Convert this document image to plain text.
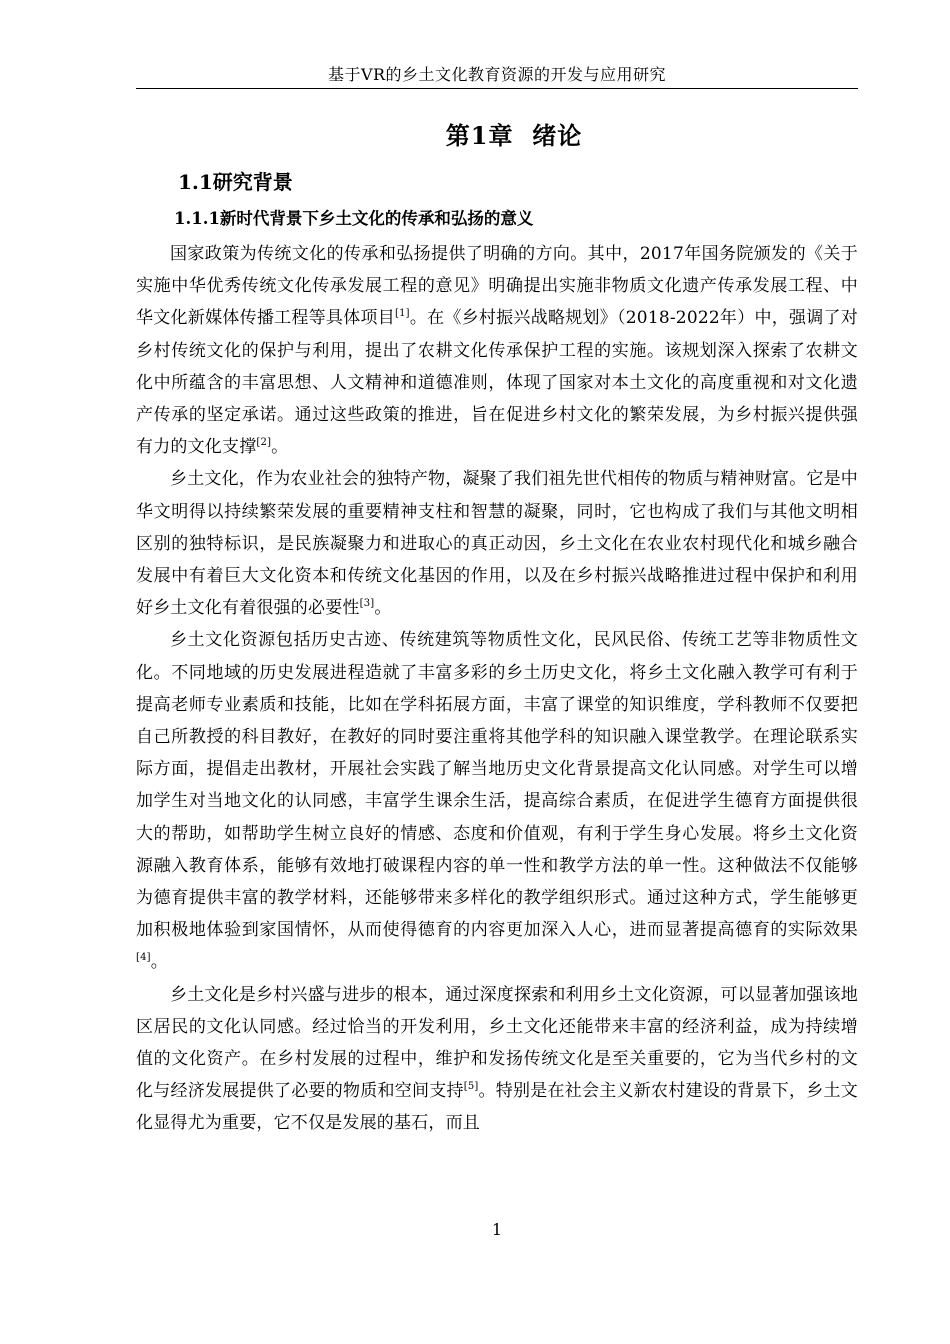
基于VR的乡土文化教育资源的开发与应用研究
第1章  绪论
1.1研究背景
1.1.1新时代背景下乡土文化的传承和弘扬的意义

国家政策为传统文化的传承和弘扬提供了明确的方向。其中，2017年国务院颁发的《关于实施中华优秀传统文化传承发展工程的意见》明确提出实施非物质文化遗产传承发展工程、中华文化新媒体传播工程等具体项目[1]。在《乡村振兴战略规划》（2018-2022年）中，强调了对乡村传统文化的保护与利用，提出了农耕文化传承保护工程的实施。该规划深入探索了农耕文化中所蕴含的丰富思想、人文精神和道德准则，体现了国家对本土文化的高度重视和对文化遗产传承的坚定承诺。通过这些政策的推进，旨在促进乡村文化的繁荣发展，为乡村振兴提供强有力的文化支撑[2]。

乡土文化，作为农业社会的独特产物，凝聚了我们祖先世代相传的物质与精神财富。它是中华文明得以持续繁荣发展的重要精神支柱和智慧的凝聚，同时，它也构成了我们与其他文明相区别的独特标识，是民族凝聚力和进取心的真正动因，乡土文化在农业农村现代化和城乡融合发展中有着巨大文化资本和传统文化基因的作用，以及在乡村振兴战略推进过程中保护和利用好乡土文化有着很强的必要性[3]。

乡土文化资源包括历史古迹、传统建筑等物质性文化，民风民俗、传统工艺等非物质性文化。不同地域的历史发展进程造就了丰富多彩的乡土历史文化，将乡土文化融入教学可有利于提高老师专业素质和技能，比如在学科拓展方面，丰富了课堂的知识维度，学科教师不仅要把自己所教授的科目教好，在教好的同时要注重将其他学科的知识融入课堂教学。在理论联系实际方面，提倡走出教材，开展社会实践了解当地历史文化背景提高文化认同感。对学生可以增加学生对当地文化的认同感，丰富学生课余生活，提高综合素质，在促进学生德育方面提供很大的帮助，如帮助学生树立良好的情感、态度和价值观，有利于学生身心发展。将乡土文化资源融入教育体系，能够有效地打破课程内容的单一性和教学方法的单一性。这种做法不仅能够为德育提供丰富的教学材料，还能够带来多样化的教学组织形式。通过这种方式，学生能够更加积极地体验到家国情怀，从而使得德育的内容更加深入人心，进而显著提高德育的实际效果[4]。

乡土文化是乡村兴盛与进步的根本，通过深度探索和利用乡土文化资源，可以显著加强该地区居民的文化认同感。经过恰当的开发利用，乡土文化还能带来丰富的经济利益，成为持续增值的文化资产。在乡村发展的过程中，维护和发扬传统文化是至关重要的，它为当代乡村的文化与经济发展提供了必要的物质和空间支持[5]。特别是在社会主义新农村建设的背景下，乡土文化显得尤为重要，它不仅是发展的基石，而且

1
